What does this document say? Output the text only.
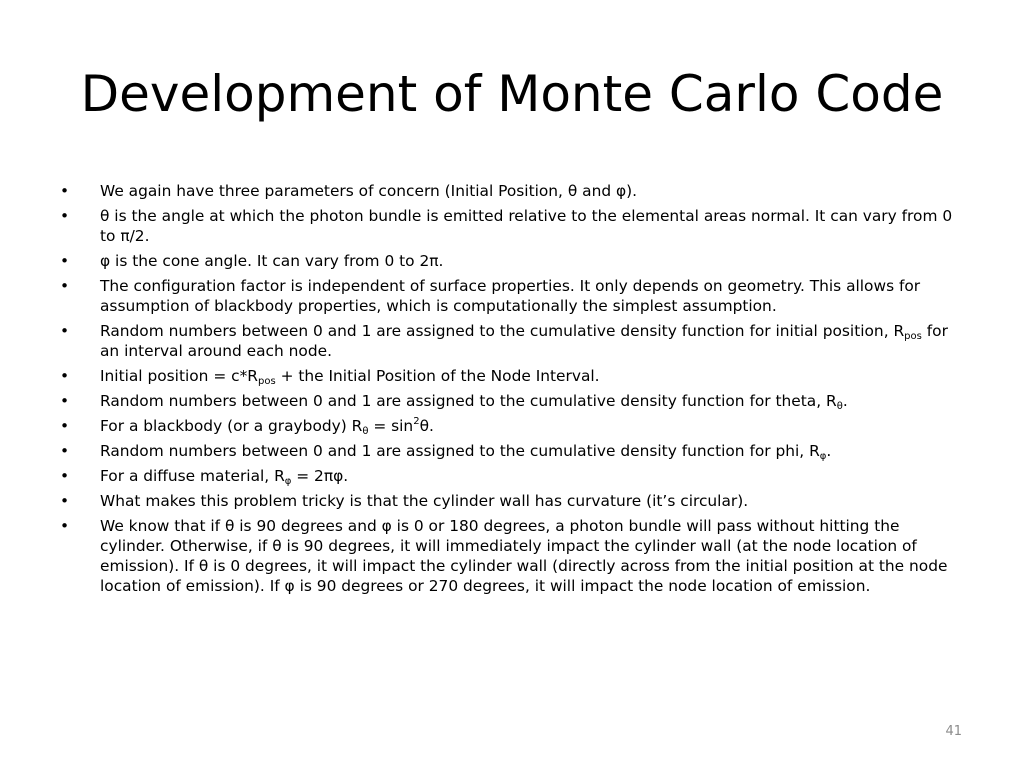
Development of Monte Carlo Code
• We again have three parameters of concern (Initial Position, θ and φ).
• θ is the angle at which the photon bundle is emitted relative to the elemental areas normal. It can vary from 0 to π/2.
• φ is the cone angle. It can vary from 0 to 2π.
• The configuration factor is independent of surface properties. It only depends on geometry. This allows for assumption of blackbody properties, which is computationally the simplest assumption.
• Random numbers between 0 and 1 are assigned to the cumulative density function for initial position, $R_{pos}$ for an interval around each node.
• Initial position = $c*R_{pos}$ + the Initial Position of the Node Interval.
• Random numbers between 0 and 1 are assigned to the cumulative density function for theta, $R_\theta$.
• For a blackbody (or a graybody) $R_\theta = \sin^2\theta$.
• Random numbers between 0 and 1 are assigned to the cumulative density function for phi, $R_\varphi$.
• For a diffuse material, $R_\varphi = 2\pi\varphi$.
• What makes this problem tricky is that the cylinder wall has curvature (it’s circular).
• We know that if θ is 90 degrees and φ is 0 or 180 degrees, a photon bundle will pass without hitting the cylinder. Otherwise, if θ is 90 degrees, it will immediately impact the cylinder wall (at the node location of emission). If θ is 0 degrees, it will impact the cylinder wall (directly across from the initial position at the node location of emission). If φ is 90 degrees or 270 degrees, it will impact the node location of emission.
41
